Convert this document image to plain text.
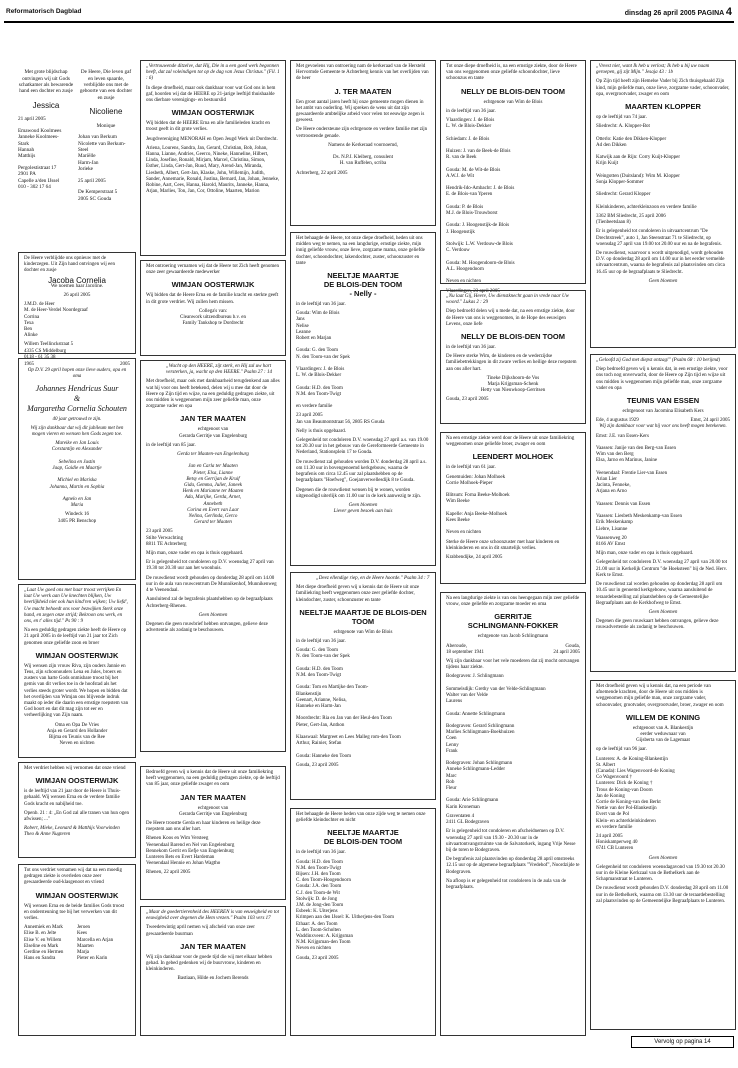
Reformatorisch Dagblad	dinsdag 26 april 2005 PAGINA 4

Met grote blijdschap ontvingen wij uit Gods schatkamer als bewarende hand een dochter en zusje

Jessica

21 april 2005

Emawoud Koolmees
Janneke Koolmees-
Stark
Hannah
Matthijs

Pergolestistraat 17
2901 PA
Capelle a/den IJssel
010 - 302 17 64

De Heere, Die leven gaf en leven spaarde, verblijdde ons met de geboorte van een dochter en zusje

Nicoliene

Monique

Johan van Berkum
Nicolette van Berkum-Steel
Mariëlle
Harm-Jan
Jorieke

25 april 2005

De Kemperstraat 5
2005 SC Gouda

De Heere verblijdde ons opnieuw met de kinderzegen. Uit Zijn hand ontvingen wij een dochter en zusje

Jacoba Cornelia

We noemen haar Jacoline.

26 april 2005

J.M.D. de Heer
M. de Heer-Verdel Noordegraaf
Corrina
Texa
Ben
Alinke

Willem Teellinckstraat 5
4335 CS Middelburg
0118 - 61 35 38

1965	2005

Op D.V. 29 april hopen onze lieve ouders, opa en oma

Johannes Hendricus Suur
&
Margaretha Cornelia Schouten

40 jaar getrouwd te zijn.

Wij zijn dankbaar dat wij dit jubileum met hen mogen vieren en wensen hen Gods zegen toe.

Mareike en Jan Louis
Corstantijn en Alexander

Sebelina en Justin
Jaap, Gaidie en Maartje

Michiel en Mariska
Johanna, Martin en Sophia

Agnelo en Jan
Maria

Windeck 16
3405 PR Benschop

„Laat Uw goed ons met haar troost verrijken En laat Uw werk aan Uw knechten blijken, Uw heerlijkheid niet ook hun kind'ren wijken; Uw liefd', Uw macht behoedt ons voor bezwijken Sterk onze hand, en zegen onze strijd; Bekroon ons werk, en ons, en t' alles tijd." Ps 90 : 9

Na een geduldig gedragen ziekte heeft de Heere op 21 april 2005 in de leeftijd van 21 jaar tot Zich genomen onze geliefde zoon en broer

WIMJAN OOSTERWIJK

Wij wensen zijn vrouw Riva, zijn ouders Jannie en Teus, zijn schoonouders Lena en Jules, broers en zusters van harte Gods onmisbare troost bij het gemis van dit verlies toe in de hoofstad als het verlies steeds groter wordt. We hopen en bidden dat het overlijden van Wimjan ons blijvende indruk maakt op ieder die daarin een ernstige roepstem van God hoort en dat dit mag zijn tot eer en verheerlijking van Zijn naam.

Oma en Opa De Vries
Anja en Gerard den Hollander
Bijma en Teunis van de Ree
Neven en nichten

Met verdriet hebben wij vernomen dat onze vriend

WIMJAN OOSTERWIJK

is de leeftijd van 21 jaar door de Heere is Thuis-gehaald. Wij wensen Erna en de verdere familie Gods kracht en nabijheid toe.

Openb. 21 : 4: „En God zal alle tranen van hun ogen afwissen; ..."

Robert, Mieke, Leonard & Matthijs Voorwinden
Theo & Anne Nugteren

Tot ons verdriet vernamen wij dat na een moedig gedragen ziekte is overleden onze zeer gewaardeerde oud-klasgenoot en vriend

WIMJAN OOSTERWIJK

Wij wensen Erna en de beide families Gods troost en ondersteuning toe bij het verwerken van dit verlies.

Annemiek en Mark
Elise B. en Jelte
Elise V. en Willem
Elseline en Mark
Gerdine en Hermen
Hans en Sandra

Jeroen
Kees
Marcella en Arjan
Maarten
Marja
Pieter en Karin

„Vertrouwende ditzelve, dat Hij, Die in u een goed werk begonnen heeft, dat zal voleindigen tot op de dag van Jezus Christus." (Fil. 1 : 6)

In diepe droefheid, maar ook dankbaar voor wat God ons in hem gaf, hoorden wij dat de HEERE op 21-jarige leeftijd thuishaalde ons dierbare verenigings- en bestuurslid

WIMJAN OOSTERWIJK

Wij bidden dat de HEERE Erna en alle familieleden kracht en troost geeft in dit grote verlies.

Jeugdvereniging MENORAH en Open Jeugd Werk uit Dordrecht.

Ariena, Lourens, Sandra, Jan, Gerard, Christian, Bob, Johan, Hanna, Lianne, Andries, Geerco, Nineke, Hanneline, Hilbert, Linda, Josefine, Ronald, Mirjam, Marcel, Christina, Simon, Esther, Linda, Gert-Jan, Ruud, Mary, Arend-Jan, Miranda, Liesbeth, Albert, Gert-Jan, Klaske, John, Willemijn, Judith, Sander, Annemarie, Ronald, Justina, Bernard, Jan, Johan, Jenneke, Robine, Aart, Cees, Hanna, Harold, Maurits, Janneke, Hanna, Arjan, Marlies, Ton, Jan, Cor, Ottoline, Maarten, Marion

Met ontroering vernamen wij dat de Heere tot Zich heeft genomen onze zeer gewaardeerde medewerker

WIMJAN OOSTERWIJK

Wij bidden dat de Heere Erna en de familie kracht en sterkte geeft in dit grote verdriet. Wij zullen hem missen.

Collega's van:
Cleanwork uitzendbureau b.v. en
Family Tankshop te Dordrecht

„Wacht op den HEERE, zijt sterk, en Hij zal uw hart versterken, ja, wacht op den HEERE." Psalm 27 : 14

Met droefheid, maar ook met dankbaarheid terugdenkend aan alles wat hij voor ons heeft betekend, delen wij u mee dat door de Heere op Zijn tijd en wijze, na een geduldig gedragen ziekte, uit ons midden is weggenomen mijn zeer geliefde man, onze zorgzame vader en opa

JAN TER MAATEN

echtgenoot van
Gerarda Gerritje van Engelenburg

in de leeftijd van 85 jaar.

Gerda ter Maaten-van Engelenburg

Jan en Carla ter Maaten
Pieter, Elsa, Lianne
Betsy en Gerrijan de Kruif
Gida, Gemma, Juliet, Janeek
Henk en Marianne ter Maaten
Ada, Marijke, Gerda, Arnet,
Annebeth
Corina en Evert van Laar
Nelina, Gerlinda, Gerco
Gerard ter Maaten

23 april 2005
Stilte Verwachting
8811 TE Achterberg

Mijn man, onze vader en opa is thuis opgebaard.

Er is gelegenheid tot condoleren op D.V. woensdag 27 april van 19.30 tot 20.30 uur aan het woonhuis.

De rouwdienst wordt gehouden op donderdag 28 april om 14.00 uur in de aula van rouwcentrum De Munnikenhof, Munnikenweg 4 te Veenendaal.

Aansluitend zal de begrafenis plaatshebben op de begraafplaats Achterberg-Rhenen.

Geen bloemen

Degenen die geen rouwbrief hebben ontvangen, gelieve deze advertentie als zodanig te beschouwen.

Bedroefd geven wij u kennis dat de Heere uit onze familiekring heeft weggenomen, na een geduldig gedragen ziekte, op de leeftijd van 85 jaar, onze geliefde zwager en oom

JAN TER MAATEN

echtgenoot van
Gerarda Gerritje van Engelenburg

De Heere troostte Gerda en haar kinderen en heilige deze roepstem aan ons aller hart.

Rhenen Koos en Wim Versteeg
Veenendaal Barend en Nel van Engelenburg
Bennekom Gerrit en Eefje van Engelenburg
Lunteren Bets en Evert Hardeman
Veenendaal Hennie en Johan Wagtho

Rhenen, 22 april 2005

„Maar de goedertierenheid des HEEREN is van eeuwigheid en tot eeuwigheid over degenen die Hem vrezen." Psalm 103 vers 17

Tweedetwintig april nemen wij afscheid van onze zeer gewaardeerde buurman

JAN TER MAATEN

Wij zijn dankbaar voor de goede tijd die wij met elkaar hebben gehad. In gebed gedenken wij de buurvrouw, kinderen en kleinkinderen.

Bastiaan, Hilde en Jochem Berends

Met gevoelens van ontroering nam de kerkeraad van de Hersteld Hervormde Gemeente te Achterberg kennis van het overlijden van de heer

J. TER MAATEN

Een groot aantal jaren heeft hij onze gemeente mogen dienen in het ambt van ouderling. Wij spreken de wens uit dat zijn gewaardeerde ambtelijke arbeid voor velen tot eeuwige zegen is geweest.

De Heere ondersteune zijn echtgenote en verdere familie met zijn vertroostende genade.

Namens de Kerkeraad voornoemd,

Ds. N.P.J. Kleiberg, consulent
H. van Ruffelen, scriba

Achterberg, 22 april 2005

Het behaagde de Heere, tot onze diepe droefheid, heden uit ons midden weg te nemen, na een langdurige, ernstige ziekte, mijn innig geliefde vrouw, onze lieve, zorgzame mama, onze geliefde dochter, schoondochter, lakendochter, zuster, schoonzuster en tante

NEELTJE MAARTJE
DE BLOIS-DEN TOOM
- Nelly -

in de leeftijd van 36 jaar.

Gouda: Wim de Blois
Jans
Nelise
Leanne
Robert en Marjan

Gouda: G. den Toom
N. den Toom-van der Spek

Vlaardingen: J. de Blois
L. W. de Blois-Dekker

Gouda: H.D. den Toom
N.M. den Toom-Twigt

en verdere familie

23 april 2005
Jan van Beaumontstraat 56, 2805 RS Gouda

Nelly is thuis opgebaard.

Gelegenheid tot condoleren D.V. woensdag 27 april a.s. van 19.00 tot 20.30 uur in het gebouw van de Gereformeerde Gemeente in Nederland, Stationsplein 17 te Gouda.

De rouwdienst zal gehouden worden D.V. donderdag 28 april a.s. om 11.30 uur in bovengenoemd kerkgebouw, waarna de begrafenis om circa 12.45 uur zal plaatshebben op de begraafplaats "Hoefweg", Goejanverwellesdijk 8 te Gouda.

Degenen die de rouwdienst wensen bij te wonen, worden uitgenodigd uiterlijk om 11.00 uur in de kerk aanwezig te zijn.

Geen bloemen
Liever geven besoek aan huis

„Deez ellendige riep, en de Heere hoorde." Psalm 34 : 7

Met diepe droefheid geven wij u kennis dat de Heere uit onze familiekring heeft weggenomen onze zeer geliefde dochter, kleindochter, zuster, schoonzuster en tante

NEELTJE MAARTJE DE BLOIS-DEN TOOM

echtgenote van Wim de Blois

in de leeftijd van 36 jaar.

Gouda: G. den Toom
N. den Toom-van der Spek

Gouda: H.D. den Toom
N.M. den Toom-Twigt

Gouda: Tom en Martijke den Toom-
Blankenstijn
Geenart, Arianne, Nelisa,
Hanneke en Harm-Jan

Moordrecht: Ria en Jan van der Heul-den Toom
Pieter, Gert-Jan, Anthon

Klaaswaal: Margreet en Lees Malleg rom-den Toom
Arthur, Rainier, Stefan

Gouda: Hanneke den Toom

Gouda, 23 april 2005

Het behaagde de Heere heden van onze zijde weg te nemen onze geliefde kleindochter en nicht

NEELTJE MAARTJE
DE BLOIS-DEN TOOM

in de leeftijd van 36 jaar.

Gouda: H.D. den Toom
N.M. den Toom-Twigt
Bijsen: J.H. den Toom
C. den Toom-Hoogendoorn
Gouda: J.A. den Toom
C.J. den Toom-de Wit
Stolwijk: D. de Jong
J.M. de Jong-den Toom
Esbeek: K. Uiterjens
Krimpen aan den IJssel: K. Uitherjens-den Toom
Ethaar: A. den Toom
L. den Toom-Scholten
Waddinxveen: A. Krijgsman
N.M. Krijgsman-den Toom
Neven en nichten

Gouda, 23 april 2005

Tot onze diepe droefheid is, na een ernstige ziekte, door de Heere van ons weggenomen onze geliefde schoondochter, lieve schoonzus en tante

NELLY DE BLOIS-DEN TOOM

echtgenote van Wim de Blois

in de leeftijd van 36 jaar.

Vlaardingen: J. de Blois
L. W. de Blois-Dekker

Schiedam: J. de Blois

Huizen: J. van de Beek-de Blois
R. van de Beek

Gouda: M. de Wit-de Blois
A.W.J. de Wit

Hendrik-Ido-Ambacht: J. de Blois
E. de Blois-van Yperen

Gouda: P. de Blois
M.J. de Blois-Trouwborst

Gouda: J. Hoogenstijk-de Blois
J. Hoogenstijk

Stolwijk: L.W. Verdouw-de Blois
C. Verdouw

Gouda: M. Hoogendoorn-de Blois
A.L. Hoogendoorn

Neven en nichten

Vlaardingen, 23 april 2005

„Nu laat Gij, Heere, Uw dienstknecht gaan in vrede naar Uw woord." Lukas 2 : 29

Diep bedroefd delen wij u mede dat, na een ernstige ziekte, door de Heere van ons is weggenomen, in de Hope des eeuwigen Levens, onze liefe

NELLY DE BLOIS-DEN TOOM

in de leeftijd van 36 jaar.

De Heere sterke Wim, de kinderen en de wederzijdse familiebetrekkingen in dit zware verlies en heilige deze roepstem aan ons aller hart.

Tineke Dijkshoorn-de Vos
Marja Krijgsman-Schenk
Hetty van Nieuwkoop-Gerritsen

Gouda, 23 april 2005

Na een ernstige ziekte werd door de Heere uit onze familiekring weggenomen onze geliefde broer, zwager en oom

LEENDERT MOLHOEK

in de leeftijd van 61 jaar.

Genemuiden: Johan Molhoek
Corrie Molhoek-Pieper

Blitsum: Forna Beeke-Molhoek
Wim Beeke

Kapelle: Anja Beeke-Molhoek
Kees Beeke

Neven en nichten

Sterke de Heere onze schoonzuster met haar kinderen en kleinkinderen en ons in dit smartelijk verlies.

Krabbendijke, 24 april 2005

Na een langdurige ziekte is van ons heengegaan mijn zeer geliefde vrouw, onze geliefde en zorgzame moeder en oma

GERRITJE
SCHLINGMANN-FOKKER

echtgenote van Jacob Schlingmann

Aberoude,
18 september 1941

Gouda,
24 april 2005

Wij zijn dankbaar voor het vele moederen dat zij mocht ontvangen tijdens haar ziekte.

Bodegraven: J. Schlingmann

Sommelsdijk: Grethy van der Velde-Schlingmann
Walter van der Velde
Laurens

Gouda: Annette Schlingmann

Bodegraven: Gerard Schlingmann
Marlies Schlingmann-Boekhuizen
Coen
Lenny
Frank

Bodegraven: Johan Schlingmann
Anneke Schlingmann-Ledder
Marc
Rob
Fleur

Gouda: Arie Schlingmann
Karin Kroneman

Graventaten 4
2411 GL Bodegraven

Er is gelegenheid tot condoleren en afscheidnemen op D.V. woensdag 27 april van 19.30 - 20.30 uur in de uitvaartontvangstruimte van de Salvatorkerk, ingang Vrije Nesse bij de toren te Bodegraven.

De begrafenis zal plaatsvinden op donderdag 28 april omstreeks 12.15 uur op de algemene begraafplaats "Vredehof", Noordzijde te Bodegraven.

Na afloop is er gelegenheid tot condoleren in de aula van de begraafplaats.

„Vreest niet, want Ik heb u verlost; Ik heb u bij uw naam geroepen, gij zijt Mijn." Jesaja 43 : 1b

Op Zijn tijd heeft zijn Hemelse Vader bij Zich thuisgehaald Zijn kind, mijn geliefde man, onze lieve, zorgzame vader, schoonvader, opa, overgrootvader, zwager en oom

MAARTEN KLOPPER

op de leeftijd van 74 jaar.

Sliedrecht: A. Klopper-Bot

Otterlo: Katie den Dikken-Klopper
Ad den Dikken

Katwijk aan de Rijn: Corry Kuijt-Klopper
Krijn Kuijt

Weingotten (Duitsland): Wim M. Klopper
Sonja Klopper-Sommer

Sliedrecht: Gerard Klopper

Kleinkinderen, achterkleinzoon en verdere familie

3362 BM Sliedrecht, 25 april 2006
(Tienbeetslaan 8)

Er is gelegenheid tot condoleren in uitvaartcentrum "De Drechtstreek", auto 1, Jan Steenstraat 71 te Sliedrecht, op woensdag 27 april van 19.00 tot 20.00 uur en na de begrafenis.

De rouwdienst, waarvoor u wordt uitgenodigd, wordt gehouden D.V. op donderdag 28 april om 14.00 uur in het eerder vermelde uitvaartcentrum, waarna de begrafenis zal plaatsvinden om circa 16.45 uur op de begraafplaats te Sliedrecht.

Geen bloemen

„Geloofd zij God met diepst ontzag!" (Psalm 68 : 10 berijmd)

Diep bedroefd geven wij u kennis dat, in een ernstige ziekte, voor ons toch nog onverwacht, door de Heere op Zijn tijd en wijze uit ons midden is weggenomen mijn geliefde man, onze zorgzame vader en opa

TEUNIS VAN ESSEN

echtgenoot van Jacomina Elisabeth Kers

Ede, 4 augustus 1929	Emst, 24 april 2005

Wij zijn dankbaar voor wat hij voor ons heeft mogen betekenen.

Emst: J.E. van Essen-Kers

Vaassen: Janije van den Berg-van Essen
Wim van den Berg
Elsa, Jarno en Marinus, Janine

Veenendaal: Frentie Lier-van Essen
Arian Lier
Jacinta, Fenneke,
Arjana en Arno

Vaassen: Dennis van Essen

Vaassen: Liesbeth Meskenkamp-van Essen
Erik Meskenkamp
Liebre, Lisanne

Vaassenweg 20
8166 AV Emst

Mijn man, onze vader en opa is thuis opgebaard.

Gelegenheid tot condoleren D.V. woensdag 27 april van 20.00 tot 21.00 uur in Kerkelijk Centrum "de Hoeksteen" bij de Ned. Herv. Kerk te Emst.

De rouwdienst zal worden gehouden op donderdag 28 april om 10.45 uur in genoemd kerkgebouw, waarna aansluitend de teraardebestelling zal plaatshebben op de Gemeentelijke Begraafplaats aan de Kerkhofweg te Emst.

Geen bloemen

Degenen die geen rouwkaart hebben ontvangen, gelieve deze rouwadvertentie als zodanig te beschouwen.

Met droefheid geven wij u kennis dat, na een periode van afnemende krachten, door de Heere uit ons midden is weggenomen mijn geliefde man, onze zorgzame vader, schoonvader, grootvader, overgrootvader, broer, zwager en oom

WILLEM DE KONING

echtgenoot van A. Blankestijn
eerder weduwnaar van
Gijsberta van de Lagemaat

op de leeftijd van 96 jaar.

Lunteren: A. de Koning-Blankestijn
St. Albert
(Canada): Lies Wagenvoord-de Koning
Co Wagenvoord †
Lunteren: Dick de Koning †
Trous de Koning-van Doorn
Jan de Koning
Corrie de Koning-van den Berkt
Nettie van der Pol-Blankestijn
Evert van de Pol
Klein- en achterkleinkinderen
en verdere familie

24 april 2005
Honiskamperweg 40
6741 CB Lunteren

Geen bloemen

Gelegenheid tot condoleren woensdagavond van 19.30 tot 20.30 uur in de Kleine Kerkzaal van de Bethelkerk aan de Schapmanstraat te Lunteren.

De rouwdienst wordt gehouden D.V. donderdag 28 april om 11.00 uur in de Bethelkerk, waarna om 13.30 uur de teraardebestelling zal plaatsvinden op de Gemeentelijke Begraafplaats te Lunteren.

Vervolg op pagina 14
